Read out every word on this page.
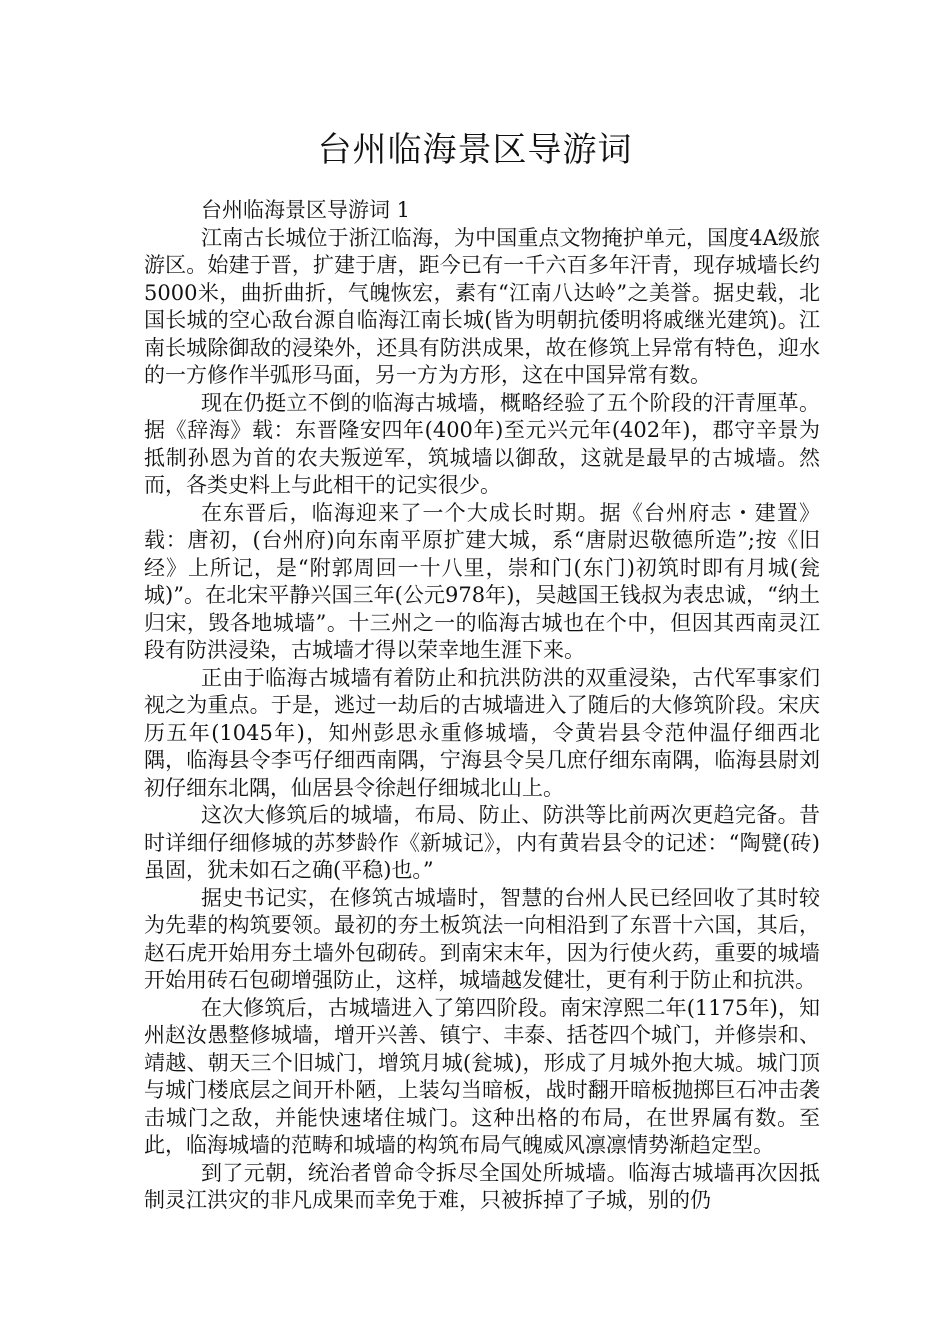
台州临海景区导游词

台州临海景区导游词 1

江南古长城位于浙江临海，为中国重点文物掩护单元，国度4A级旅游区。始建于晋，扩建于唐，距今已有一千六百多年汗青，现存城墙长约5000米，曲折曲折，气魄恢宏，素有“江南八达岭”之美誉。据史载，北国长城的空心敌台源自临海江南长城(皆为明朝抗倭明将戚继光建筑)。江南长城除御敌的浸染外，还具有防洪成果，故在修筑上异常有特色，迎水的一方修作半弧形马面，另一方为方形，这在中国异常有数。

现在仍挺立不倒的临海古城墙，概略经验了五个阶段的汗青厘革。据《辞海》载：东晋隆安四年(400年)至元兴元年(402年)，郡守辛景为抵制孙恩为首的农夫叛逆军，筑城墙以御敌，这就是最早的古城墙。然而，各类史料上与此相干的记实很少。

在东晋后，临海迎来了一个大成长时期。据《台州府志・建置》载：唐初，(台州府)向东南平原扩建大城，系“唐尉迟敬德所造”;按《旧经》上所记，是“附郭周回一十八里，崇和门(东门)初筑时即有月城(瓮城)”。在北宋平静兴国三年(公元978年)，吴越国王钱叔为表忠诚，“纳土归宋，毁各地城墙”。十三州之一的临海古城也在个中，但因其西南灵江段有防洪浸染，古城墙才得以荣幸地生涯下来。

正由于临海古城墙有着防止和抗洪防洪的双重浸染，古代军事家们视之为重点。于是，逃过一劫后的古城墙进入了随后的大修筑阶段。宋庆历五年(1045年)，知州彭思永重修城墙，令黄岩县令范仲温仔细西北隅，临海县令李丐仔细西南隅，宁海县令吴几庶仔细东南隅，临海县尉刘初仔细东北隅，仙居县令徐赳仔细城北山上。

这次大修筑后的城墙，布局、防止、防洪等比前两次更趋完备。昔时详细仔细修城的苏梦龄作《新城记》，内有黄岩县令的记述：“陶甓(砖)虽固，犹未如石之确(平稳)也。”

据史书记实，在修筑古城墙时，智慧的台州人民已经回收了其时较为先辈的构筑要领。最初的夯土板筑法一向相沿到了东晋十六国，其后，赵石虎开始用夯土墙外包砌砖。到南宋末年，因为行使火药，重要的城墙开始用砖石包砌增强防止，这样，城墙越发健壮，更有利于防止和抗洪。

在大修筑后，古城墙进入了第四阶段。南宋淳熙二年(1175年)，知州赵汝愚整修城墙，增开兴善、镇宁、丰泰、括苍四个城门，并修崇和、靖越、朝天三个旧城门，增筑月城(瓮城)，形成了月城外抱大城。城门顶与城门楼底层之间开朴陋，上装勾当暗板，战时翻开暗板抛掷巨石冲击袭击城门之敌，并能快速堵住城门。这种出格的布局，在世界属有数。至此，临海城墙的范畴和城墙的构筑布局气魄威风凛凛情势渐趋定型。

到了元朝，统治者曾命令拆尽全国处所城墙。临海古城墙再次因抵制灵江洪灾的非凡成果而幸免于难，只被拆掉了子城，别的仍
